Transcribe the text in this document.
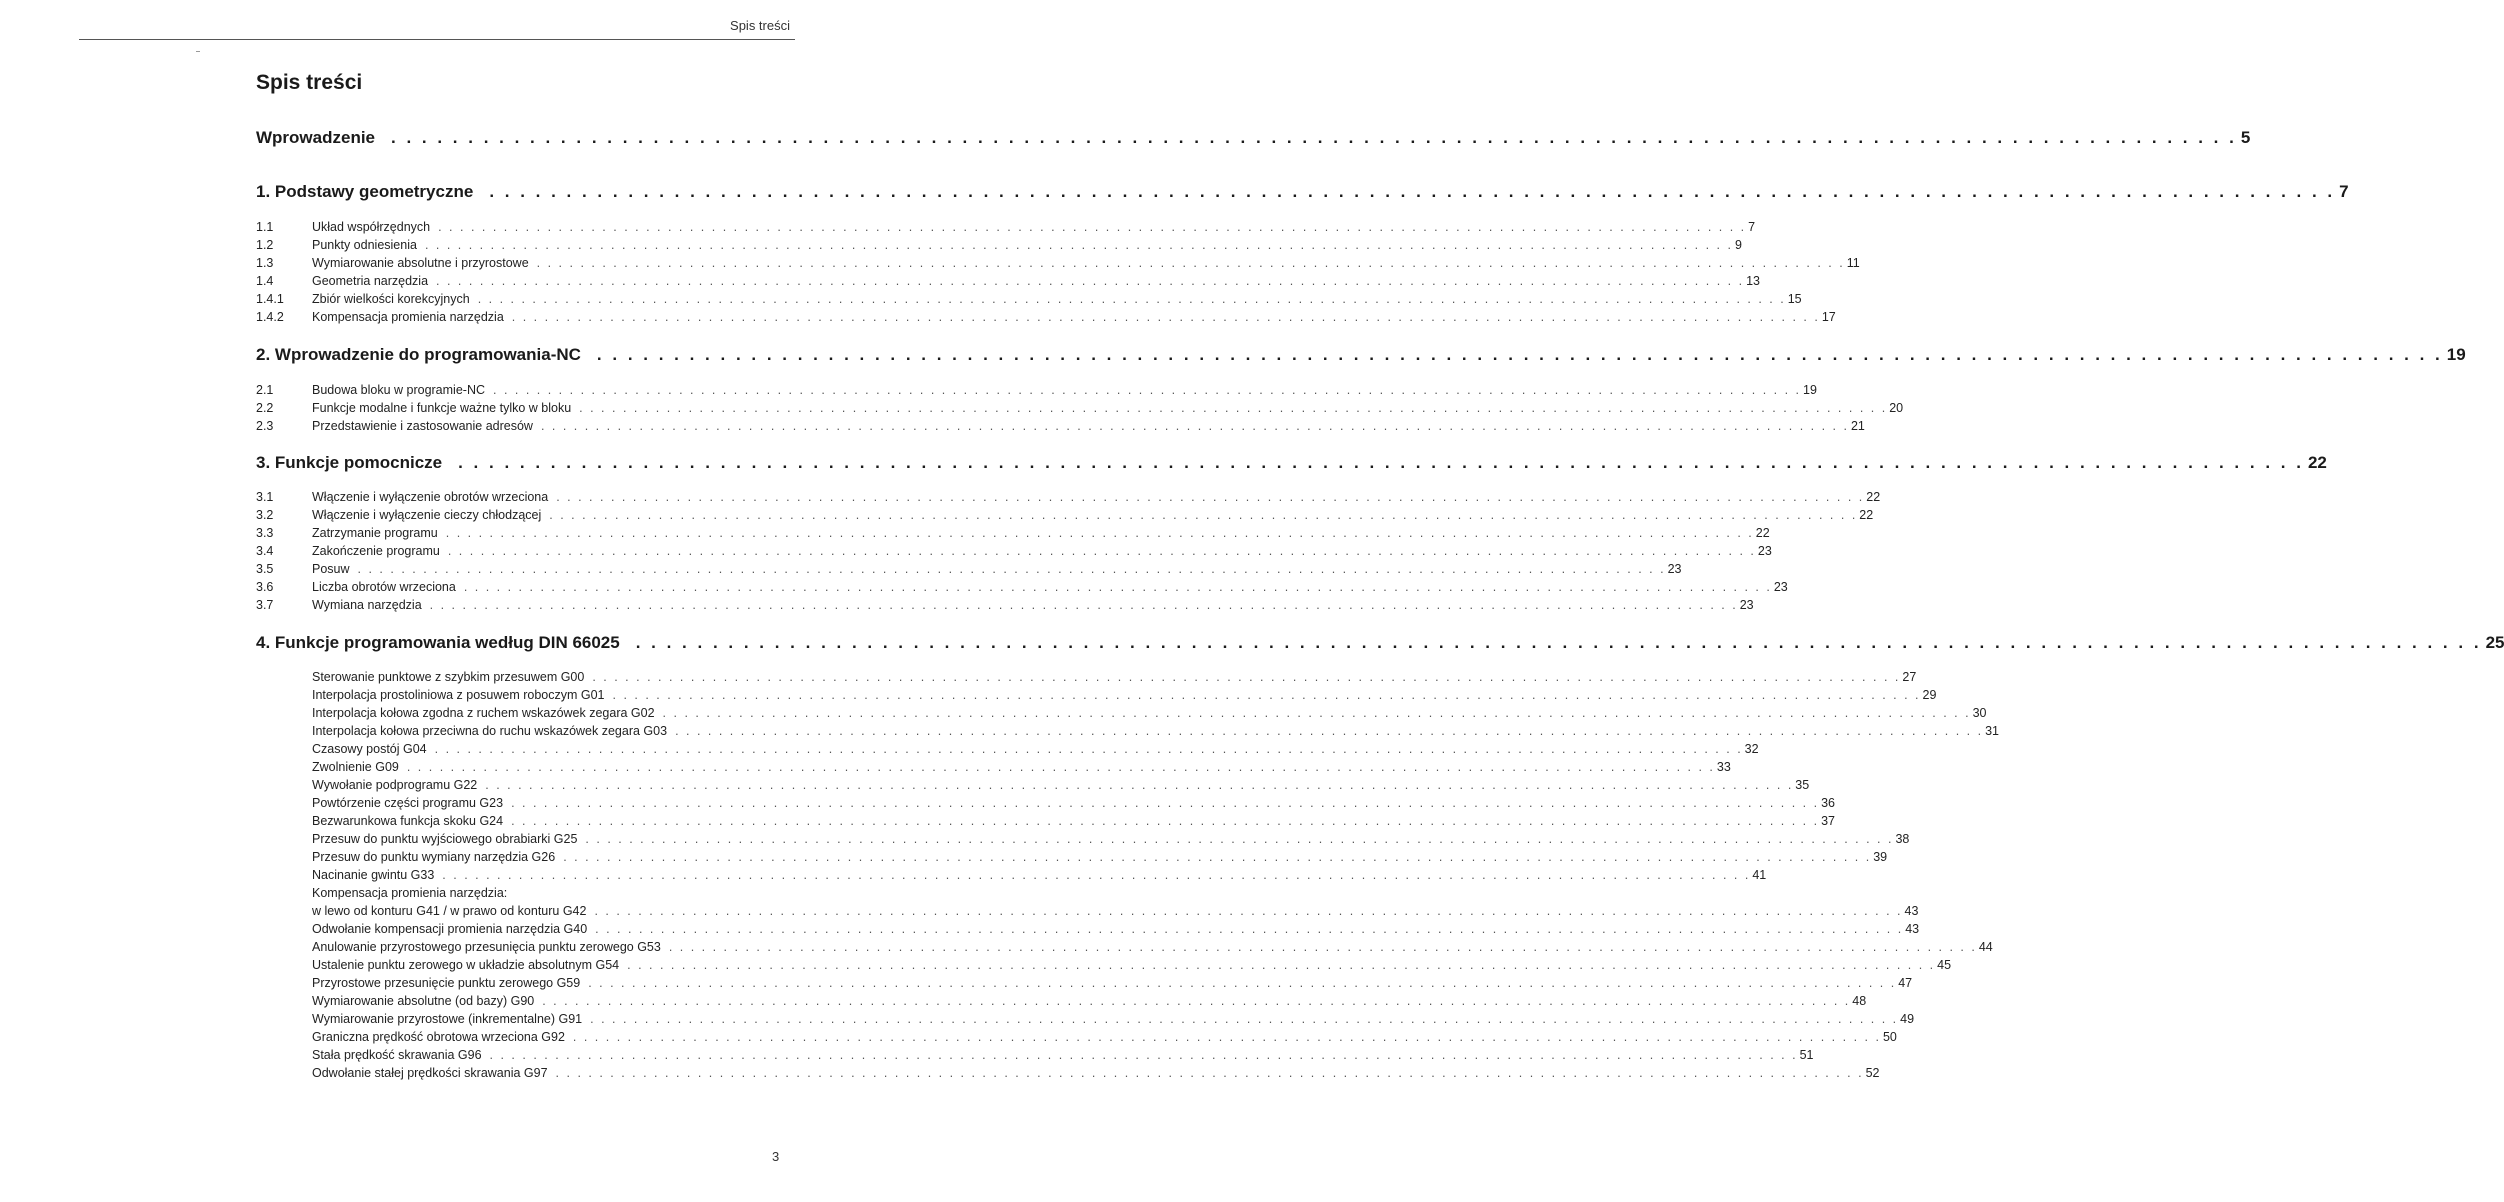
Spis treści
Spis treści
Wprowadzenie . . . . . . . . . . . . . . . . . . . . . . . . . . . . . . . . . . . . . . . . . . . . . . . . . . . . . . . . . . . . . . . . . . . . . . . . . . . . . . . . . . . . . . . . . . . . . . . . . . . . . . . . . . . . . . . . . . . . . . . . 5
1. Podstawy geometryczne . . . . . . . . . . . . . . . . . . . . . . . . . . . . . . . . . . . . . . . . . . . . . . . . . . . . . . . . . . . . . . . . . . . . . . . . . . . . . . . . . . . . . . . . . . . . . . . . . . . . . . . . . . . . . . . . . . . . . . . . 7
1.1	Układ współrzędnych . . . . . . . . . . . . . . . . . . . . . . . . . . . . . . . . . . . . . . . . . . . . . . . . . . . . . . . . . . . . . . . . . . . . . . . . . . . . . . . . . . . . . . . . . . . . . . . . . . . . . . . . . . . . . . . . . . . . . . . . 7
1.2	Punkty odniesienia . . . . . . . . . . . . . . . . . . . . . . . . . . . . . . . . . . . . . . . . . . . . . . . . . . . . . . . . . . . . . . . . . . . . . . . . . . . . . . . . . . . . . . . . . . . . . . . . . . . . . . . . . . . . . . . . . . . . . . . . 9
1.3	Wymiarowanie absolutne i przyrostowe . . . . . . . . . . . . . . . . . . . . . . . . . . . . . . . . . . . . . . . . . . . . . . . . . . . . . . . . . . . . . . . . . . . . . . . . . . . . . . . . . . . . . . . . . . . . . . . . . . . . . . . . . . . . . . . . . . . . . . . . 11
1.4	Geometria narzędzia . . . . . . . . . . . . . . . . . . . . . . . . . . . . . . . . . . . . . . . . . . . . . . . . . . . . . . . . . . . . . . . . . . . . . . . . . . . . . . . . . . . . . . . . . . . . . . . . . . . . . . . . . . . . . . . . . . . . . . . . 13
1.4.1	Zbiór wielkości korekcyjnych . . . . . . . . . . . . . . . . . . . . . . . . . . . . . . . . . . . . . . . . . . . . . . . . . . . . . . . . . . . . . . . . . . . . . . . . . . . . . . . . . . . . . . . . . . . . . . . . . . . . . . . . . . . . . . . . . . . . . . . . 15
1.4.2	Kompensacja promienia narzędzia . . . . . . . . . . . . . . . . . . . . . . . . . . . . . . . . . . . . . . . . . . . . . . . . . . . . . . . . . . . . . . . . . . . . . . . . . . . . . . . . . . . . . . . . . . . . . . . . . . . . . . . . . . . . . . . . . . . . . . . . 17
2. Wprowadzenie do programowania-NC . . . . . . . . . . . . . . . . . . . . . . . . . . . . . . . . . . . . . . . . . . . . . . . . . . . . . . . . . . . . . . . . . . . . . . . . . . . . . . . . . . . . . . . . . . . . . . . . . . . . . . . . . . . . . . . . . . . . . . . . 19
2.1	Budowa bloku w programie-NC . . . . . . . . . . . . . . . . . . . . . . . . . . . . . . . . . . . . . . . . . . . . . . . . . . . . . . . . . . . . . . . . . . . . . . . . . . . . . . . . . . . . . . . . . . . . . . . . . . . . . . . . . . . . . . . . . . . . . . . . 19
2.2	Funkcje modalne i funkcje ważne tylko w bloku . . . . . . . . . . . . . . . . . . . . . . . . . . . . . . . . . . . . . . . . . . . . . . . . . . . . . . . . . . . . . . . . . . . . . . . . . . . . . . . . . . . . . . . . . . . . . . . . . . . . . . . . . . . . . . . . . . . . . . . . 20
2.3	Przedstawienie i zastosowanie adresów . . . . . . . . . . . . . . . . . . . . . . . . . . . . . . . . . . . . . . . . . . . . . . . . . . . . . . . . . . . . . . . . . . . . . . . . . . . . . . . . . . . . . . . . . . . . . . . . . . . . . . . . . . . . . . . . . . . . . . . . 21
3. Funkcje pomocnicze . . . . . . . . . . . . . . . . . . . . . . . . . . . . . . . . . . . . . . . . . . . . . . . . . . . . . . . . . . . . . . . . . . . . . . . . . . . . . . . . . . . . . . . . . . . . . . . . . . . . . . . . . . . . . . . . . . . . . . . . 22
3.1	Włączenie i wyłączenie obrotów wrzeciona . . . . . . . . . . . . . . . . . . . . . . . . . . . . . . . . . . . . . . . . . . . . . . . . . . . . . . . . . . . . . . . . . . . . . . . . . . . . . . . . . . . . . . . . . . . . . . . . . . . . . . . . . . . . . . . . . . . . . . . . 22
3.2	Włączenie i wyłączenie cieczy chłodzącej . . . . . . . . . . . . . . . . . . . . . . . . . . . . . . . . . . . . . . . . . . . . . . . . . . . . . . . . . . . . . . . . . . . . . . . . . . . . . . . . . . . . . . . . . . . . . . . . . . . . . . . . . . . . . . . . . . . . . . . . 22
3.3	Zatrzymanie programu . . . . . . . . . . . . . . . . . . . . . . . . . . . . . . . . . . . . . . . . . . . . . . . . . . . . . . . . . . . . . . . . . . . . . . . . . . . . . . . . . . . . . . . . . . . . . . . . . . . . . . . . . . . . . . . . . . . . . . . . 22
3.4	Zakończenie programu . . . . . . . . . . . . . . . . . . . . . . . . . . . . . . . . . . . . . . . . . . . . . . . . . . . . . . . . . . . . . . . . . . . . . . . . . . . . . . . . . . . . . . . . . . . . . . . . . . . . . . . . . . . . . . . . . . . . . . . . 23
3.5	Posuw . . . . . . . . . . . . . . . . . . . . . . . . . . . . . . . . . . . . . . . . . . . . . . . . . . . . . . . . . . . . . . . . . . . . . . . . . . . . . . . . . . . . . . . . . . . . . . . . . . . . . . . . . . . . . . . . . . . . . . . . 23
3.6	Liczba obrotów wrzeciona . . . . . . . . . . . . . . . . . . . . . . . . . . . . . . . . . . . . . . . . . . . . . . . . . . . . . . . . . . . . . . . . . . . . . . . . . . . . . . . . . . . . . . . . . . . . . . . . . . . . . . . . . . . . . . . . . . . . . . . . 23
3.7	Wymiana narzędzia . . . . . . . . . . . . . . . . . . . . . . . . . . . . . . . . . . . . . . . . . . . . . . . . . . . . . . . . . . . . . . . . . . . . . . . . . . . . . . . . . . . . . . . . . . . . . . . . . . . . . . . . . . . . . . . . . . . . . . . . 23
4. Funkcje programowania według DIN 66025 . . . . . . . . . . . . . . . . . . . . . . . . . . . . . . . . . . . . . . . . . . . . . . . . . . . . . . . . . . . . . . . . . . . . . . . . . . . . . . . . . . . . . . . . . . . . . . . . . . . . . . . . . . . . . . . . . . . . . . . . 25
Sterowanie punktowe z szybkim przesuwem G00 . . . . . . . . . . . . . . . . . . . . . . . . . . . . . . . . . . . . . . . . . . . . . . . . . . . . . . . . . . . . . . . . . . . . . . . . . . . . . . . . . . . . . . . . . . . . . . . . . . . . . . . . . . . . . . . . . . . . . . . . 27
Interpolacja prostoliniowa z posuwem roboczym G01 . . . . . . . . . . . . . . . . . . . . . . . . . . . . . . . . . . . . . . . . . . . . . . . . . . . . . . . . . . . . . . . . . . . . . . . . . . . . . . . . . . . . . . . . . . . . . . . . . . . . . . . . . . . . . . . . . . . . . . . . 29
Interpolacja kołowa zgodna z ruchem wskazówek zegara G02 . . . . . . . . . . . . . . . . . . . . . . . . . . . . . . . . . . . . . . . . . . . . . . . . . . . . . . . . . . . . . . . . . . . . . . . . . . . . . . . . . . . . . . . . . . . . . . . . . . . . . . . . . . . . . . . . . . . . . . . . 30
Interpolacja kołowa przeciwna do ruchu wskazówek zegara G03 . . . . . . . . . . . . . . . . . . . . . . . . . . . . . . . . . . . . . . . . . . . . . . . . . . . . . . . . . . . . . . . . . . . . . . . . . . . . . . . . . . . . . . . . . . . . . . . . . . . . . . . . . . . . . . . . . . . . . . . . 31
Czasowy postój G04 . . . . . . . . . . . . . . . . . . . . . . . . . . . . . . . . . . . . . . . . . . . . . . . . . . . . . . . . . . . . . . . . . . . . . . . . . . . . . . . . . . . . . . . . . . . . . . . . . . . . . . . . . . . . . . . . . . . . . . . . 32
Zwolnienie G09 . . . . . . . . . . . . . . . . . . . . . . . . . . . . . . . . . . . . . . . . . . . . . . . . . . . . . . . . . . . . . . . . . . . . . . . . . . . . . . . . . . . . . . . . . . . . . . . . . . . . . . . . . . . . . . . . . . . . . . . . 33
Wywołanie podprogramu G22 . . . . . . . . . . . . . . . . . . . . . . . . . . . . . . . . . . . . . . . . . . . . . . . . . . . . . . . . . . . . . . . . . . . . . . . . . . . . . . . . . . . . . . . . . . . . . . . . . . . . . . . . . . . . . . . . . . . . . . . . 35
Powtórzenie części programu G23 . . . . . . . . . . . . . . . . . . . . . . . . . . . . . . . . . . . . . . . . . . . . . . . . . . . . . . . . . . . . . . . . . . . . . . . . . . . . . . . . . . . . . . . . . . . . . . . . . . . . . . . . . . . . . . . . . . . . . . . . 36
Bezwarunkowa funkcja skoku G24 . . . . . . . . . . . . . . . . . . . . . . . . . . . . . . . . . . . . . . . . . . . . . . . . . . . . . . . . . . . . . . . . . . . . . . . . . . . . . . . . . . . . . . . . . . . . . . . . . . . . . . . . . . . . . . . . . . . . . . . . 37
Przesuw do punktu wyjściowego obrabiarki G25 . . . . . . . . . . . . . . . . . . . . . . . . . . . . . . . . . . . . . . . . . . . . . . . . . . . . . . . . . . . . . . . . . . . . . . . . . . . . . . . . . . . . . . . . . . . . . . . . . . . . . . . . . . . . . . . . . . . . . . . . 38
Przesuw do punktu wymiany narzędzia G26 . . . . . . . . . . . . . . . . . . . . . . . . . . . . . . . . . . . . . . . . . . . . . . . . . . . . . . . . . . . . . . . . . . . . . . . . . . . . . . . . . . . . . . . . . . . . . . . . . . . . . . . . . . . . . . . . . . . . . . . . 39
Nacinanie gwintu G33 . . . . . . . . . . . . . . . . . . . . . . . . . . . . . . . . . . . . . . . . . . . . . . . . . . . . . . . . . . . . . . . . . . . . . . . . . . . . . . . . . . . . . . . . . . . . . . . . . . . . . . . . . . . . . . . . . . . . . . . . 41
Kompensacja promienia narzędzia:
w lewo od konturu G41 / w prawo od konturu G42 . . . . . . . . . . . . . . . . . . . . . . . . . . . . . . . . . . . . . . . . . . . . . . . . . . . . . . . . . . . . . . . . . . . . . . . . . . . . . . . . . . . . . . . . . . . . . . . . . . . . . . . . . . . . . . . . . . . . . . . . 43
Odwołanie kompensacji promienia narzędzia G40 . . . . . . . . . . . . . . . . . . . . . . . . . . . . . . . . . . . . . . . . . . . . . . . . . . . . . . . . . . . . . . . . . . . . . . . . . . . . . . . . . . . . . . . . . . . . . . . . . . . . . . . . . . . . . . . . . . . . . . . . 43
Anulowanie przyrostowego przesunięcia punktu zerowego G53 . . . . . . . . . . . . . . . . . . . . . . . . . . . . . . . . . . . . . . . . . . . . . . . . . . . . . . . . . . . . . . . . . . . . . . . . . . . . . . . . . . . . . . . . . . . . . . . . . . . . . . . . . . . . . . . . . . . . . . . . 44
Ustalenie punktu zerowego w układzie absolutnym G54 . . . . . . . . . . . . . . . . . . . . . . . . . . . . . . . . . . . . . . . . . . . . . . . . . . . . . . . . . . . . . . . . . . . . . . . . . . . . . . . . . . . . . . . . . . . . . . . . . . . . . . . . . . . . . . . . . . . . . . . . 45
Przyrostowe przesunięcie punktu zerowego G59 . . . . . . . . . . . . . . . . . . . . . . . . . . . . . . . . . . . . . . . . . . . . . . . . . . . . . . . . . . . . . . . . . . . . . . . . . . . . . . . . . . . . . . . . . . . . . . . . . . . . . . . . . . . . . . . . . . . . . . . . 47
Wymiarowanie absolutne (od bazy) G90 . . . . . . . . . . . . . . . . . . . . . . . . . . . . . . . . . . . . . . . . . . . . . . . . . . . . . . . . . . . . . . . . . . . . . . . . . . . . . . . . . . . . . . . . . . . . . . . . . . . . . . . . . . . . . . . . . . . . . . . . 48
Wymiarowanie przyrostowe (inkrementalne) G91 . . . . . . . . . . . . . . . . . . . . . . . . . . . . . . . . . . . . . . . . . . . . . . . . . . . . . . . . . . . . . . . . . . . . . . . . . . . . . . . . . . . . . . . . . . . . . . . . . . . . . . . . . . . . . . . . . . . . . . . . 49
Graniczna prędkość obrotowa wrzeciona G92 . . . . . . . . . . . . . . . . . . . . . . . . . . . . . . . . . . . . . . . . . . . . . . . . . . . . . . . . . . . . . . . . . . . . . . . . . . . . . . . . . . . . . . . . . . . . . . . . . . . . . . . . . . . . . . . . . . . . . . . . 50
Stała prędkość skrawania G96 . . . . . . . . . . . . . . . . . . . . . . . . . . . . . . . . . . . . . . . . . . . . . . . . . . . . . . . . . . . . . . . . . . . . . . . . . . . . . . . . . . . . . . . . . . . . . . . . . . . . . . . . . . . . . . . . . . . . . . . . 51
Odwołanie stałej prędkości skrawania G97 . . . . . . . . . . . . . . . . . . . . . . . . . . . . . . . . . . . . . . . . . . . . . . . . . . . . . . . . . . . . . . . . . . . . . . . . . . . . . . . . . . . . . . . . . . . . . . . . . . . . . . . . . . . . . . . . . . . . . . . . 52
3
